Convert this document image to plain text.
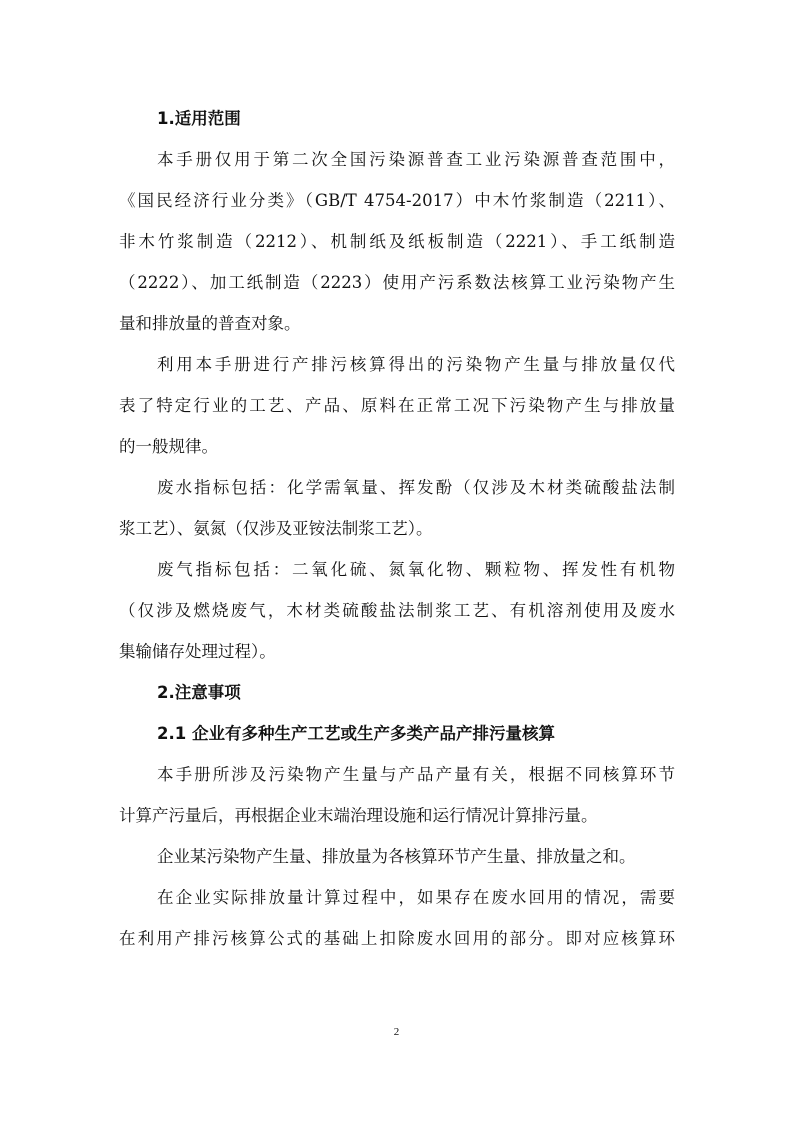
1.适用范围
本手册仅用于第二次全国污染源普查工业污染源普查范围中，
《国民经济行业分类》（GB/T 4754-2017）中木竹浆制造（2211）、
非木竹浆制造（2212）、机制纸及纸板制造（2221）、手工纸制造
（2222）、加工纸制造（2223）使用产污系数法核算工业污染物产生
量和排放量的普查对象。
利用本手册进行产排污核算得出的污染物产生量与排放量仅代
表了特定行业的工艺、产品、原料在正常工况下污染物产生与排放量
的一般规律。
废水指标包括：化学需氧量、挥发酚（仅涉及木材类硫酸盐法制
浆工艺）、氨氮（仅涉及亚铵法制浆工艺）。
废气指标包括：二氧化硫、氮氧化物、颗粒物、挥发性有机物
（仅涉及燃烧废气，木材类硫酸盐法制浆工艺、有机溶剂使用及废水
集输储存处理过程）。
2.注意事项
2.1 企业有多种生产工艺或生产多类产品产排污量核算
本手册所涉及污染物产生量与产品产量有关，根据不同核算环节
计算产污量后，再根据企业末端治理设施和运行情况计算排污量。
企业某污染物产生量、排放量为各核算环节产生量、排放量之和。
在企业实际排放量计算过程中，如果存在废水回用的情况，需要
在利用产排污核算公式的基础上扣除废水回用的部分。即对应核算环
2
